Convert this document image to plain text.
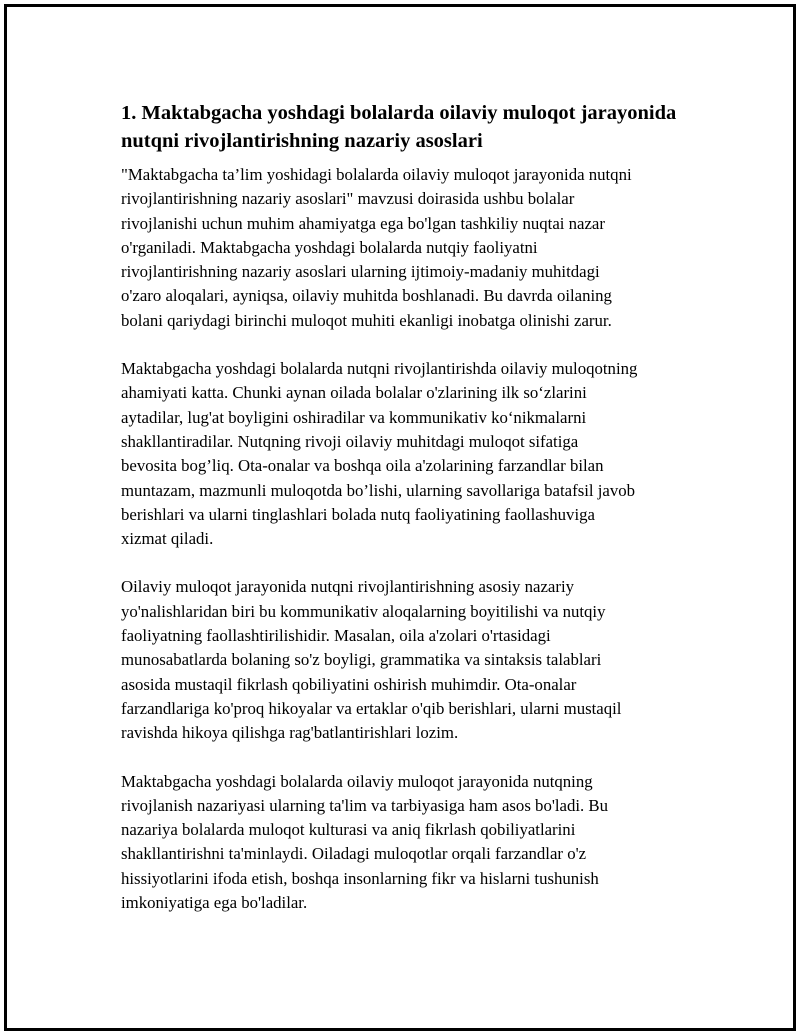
1. Maktabgacha yoshdagi bolalarda oilaviy muloqot jarayonida nutqni rivojlantirishning nazariy asoslari

"Maktabgacha ta’lim yoshidagi bolalarda oilaviy muloqot jarayonida nutqni
rivojlantirishning nazariy asoslari" mavzusi doirasida ushbu bolalar
rivojlanishi uchun muhim ahamiyatga ega bo'lgan tashkiliy nuqtai nazar
o'rganiladi. Maktabgacha yoshdagi bolalarda nutqiy faoliyatni
rivojlantirishning nazariy asoslari ularning ijtimoiy-madaniy muhitdagi
o'zaro aloqalari, ayniqsa, oilaviy muhitda boshlanadi. Bu davrda oilaning
bolani qariydagi birinchi muloqot muhiti ekanligi inobatga olinishi zarur.

Maktabgacha yoshdagi bolalarda nutqni rivojlantirishda oilaviy muloqotning
ahamiyati katta. Chunki aynan oilada bolalar o'zlarining ilk so‘zlarini
aytadilar, lug'at boyligini oshiradilar va kommunikativ ko‘nikmalarni
shakllantiradilar. Nutqning rivoji oilaviy muhitdagi muloqot sifatiga
bevosita bog’liq. Ota-onalar va boshqa oila a'zolarining farzandlar bilan
muntazam, mazmunli muloqotda bo’lishi, ularning savollariga batafsil javob
berishlari va ularni tinglashlari bolada nutq faoliyatining faollashuviga
xizmat qiladi.

Oilaviy muloqot jarayonida nutqni rivojlantirishning asosiy nazariy
yo'nalishlaridan biri bu kommunikativ aloqalarning boyitilishi va nutqiy
faoliyatning faollashtirilishidir. Masalan, oila a'zolari o'rtasidagi
munosabatlarda bolaning so'z boyligi, grammatika va sintaksis talablari
asosida mustaqil fikrlash qobiliyatini oshirish muhimdir. Ota-onalar
farzandlariga ko'proq hikoyalar va ertaklar o'qib berishlari, ularni mustaqil
ravishda hikoya qilishga rag'batlantirishlari lozim.

Maktabgacha yoshdagi bolalarda oilaviy muloqot jarayonida nutqning
rivojlanish nazariyasi ularning ta'lim va tarbiyasiga ham asos bo'ladi. Bu
nazariya bolalarda muloqot kulturasi va aniq fikrlash qobiliyatlarini
shakllantirishni ta'minlaydi. Oiladagi muloqotlar orqali farzandlar o'z
hissiyotlarini ifoda etish, boshqa insonlarning fikr va hislarni tushunish
imkoniyatiga ega bo'ladilar.
